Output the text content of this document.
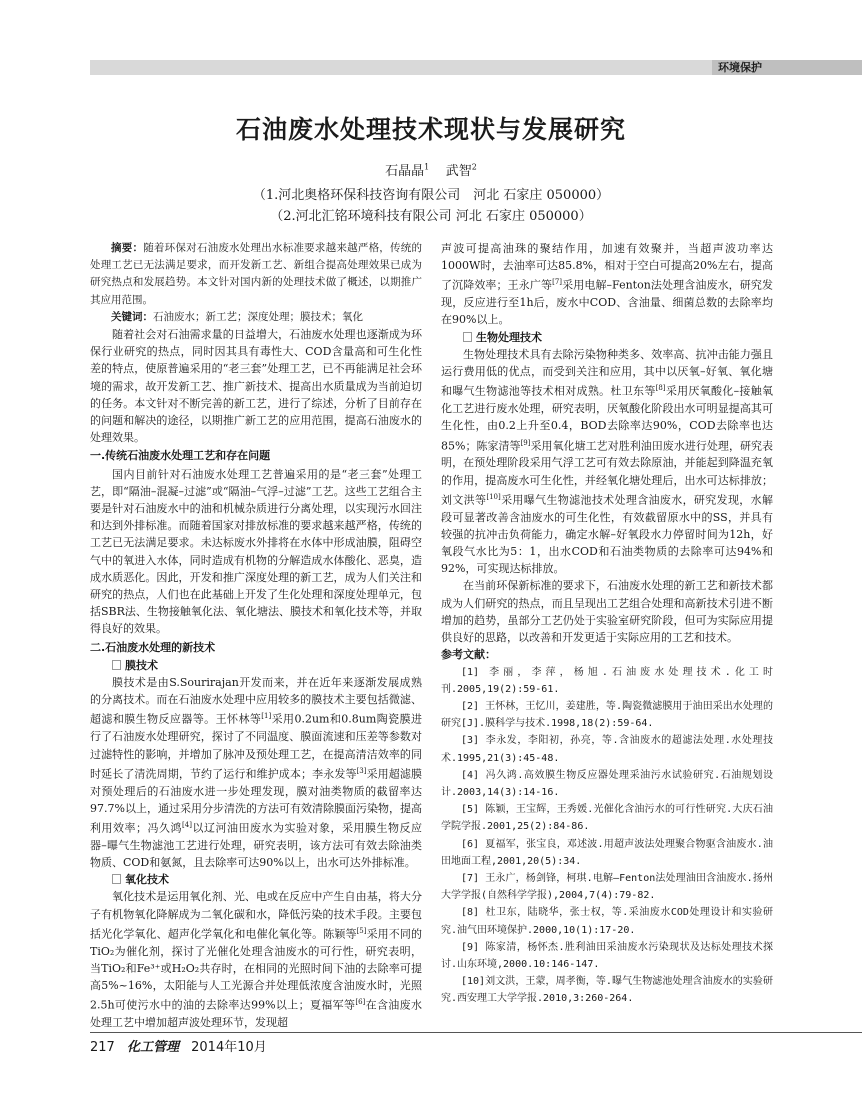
环境保护
石油废水处理技术现状与发展研究
石晶晶$^1$ 武智$^2$
（1.河北奥格环保科技咨询有限公司　河北 石家庄 050000）
（2.河北汇铭环境科技有限公司 河北 石家庄 050000）

摘要：随着环保对石油废水处理出水标准要求越来越严格，传统的处理工艺已无法满足要求，而开发新工艺、新组合提高处理效果已成为研究热点和发展趋势。本文针对国内新的处理技术做了概述，以期推广其应用范围。

关键词：石油废水；新工艺；深度处理；膜技术；氧化

随着社会对石油需求量的日益增大，石油废水处理也逐渐成为环保行业研究的热点，同时因其具有毒性大、COD含量高和可生化性差的特点，使原普遍采用的“老三套”处理工艺，已不再能满足社会环境的需求，故开发新工艺、推广新技术、提高出水质量成为当前迫切的任务。本文针对不断完善的新工艺，进行了综述，分析了目前存在的问题和解决的途径，以期推广新工艺的应用范围，提高石油废水的处理效果。

一.传统石油废水处理工艺和存在问题

国内目前针对石油废水处理工艺普遍采用的是“老三套”处理工艺，即“隔油–混凝–过滤”或“隔油–气浮–过滤”工艺。这些工艺组合主要是针对石油废水中的油和机械杂质进行分离处理，以实现污水回注和达到外排标准。而随着国家对排放标准的要求越来越严格，传统的工艺已无法满足要求。未达标废水外排将在水体中形成油膜，阻碍空气中的氧进入水体，同时造成有机物的分解造成水体酸化、恶臭，造成水质恶化。因此，开发和推广深度处理的新工艺，成为人们关注和研究的热点，人们也在此基础上开发了生化处理和深度处理单元，包括SBR法、生物接触氧化法、氧化塘法、膜技术和氧化技术等，并取得良好的效果。

二.石油废水处理的新技术
膜技术

膜技术是由S.Sourirajan开发而来，并在近年来逐渐发展成熟的分离技术。而在石油废水处理中应用较多的膜技术主要包括微滤、超滤和膜生物反应器等。王怀林等[1]采用0.2um和0.8um陶瓷膜进行了石油废水处理研究，探讨了不同温度、膜面流速和压差等参数对过滤特性的影响，并增加了脉冲及预处理工艺，在提高清洁效率的同时延长了清洗周期，节约了运行和维护成本；李永发等[3]采用超滤膜对预处理后的石油废水进一步处理发现，膜对油类物质的截留率达97.7%以上，通过采用分步清洗的方法可有效清除膜面污染物，提高利用效率；冯久鸿[4]以辽河油田废水为实验对象，采用膜生物反应器–曝气生物滤池工艺进行处理，研究表明，该方法可有效去除油类物质、COD和氨氮，且去除率可达90%以上，出水可达外排标准。

氧化技术

氧化技术是运用氧化剂、光、电或在反应中产生自由基，将大分子有机物氧化降解成为二氧化碳和水，降低污染的技术手段。主要包括光化学氧化、超声化学氧化和电催化氧化等。陈颖等[5]采用不同的TiO₂为催化剂，探讨了光催化处理含油废水的可行性，研究表明，当TiO₂和Fe³⁺或H₂O₂共存时，在相同的光照时间下油的去除率可提高5%~16%，太阳能与人工光源合并处理低浓度含油废水时，光照2.5h可使污水中的油的去除率达99%以上；夏福军等[6]在含油废水处理工艺中增加超声波处理环节，发现超

声波可提高油珠的聚结作用，加速有效聚并，当超声波功率达1000W时，去油率可达85.8%，相对于空白可提高20%左右，提高了沉降效率；王永广等[7]采用电解–Fenton法处理含油废水，研究发现，反应进行至1h后，废水中COD、含油量、细菌总数的去除率均在90%以上。

生物处理技术

生物处理技术具有去除污染物种类多、效率高、抗冲击能力强且运行费用低的优点，而受到关注和应用，其中以厌氧–好氧、氧化塘和曝气生物滤池等技术相对成熟。杜卫东等[8]采用厌氧酸化–接触氧化工艺进行废水处理，研究表明，厌氧酸化阶段出水可明显提高其可生化性，由0.2上升至0.4，BOD去除率达90%，COD去除率也达85%；陈家清等[9]采用氧化塘工艺对胜利油田废水进行处理，研究表明，在预处理阶段采用气浮工艺可有效去除原油，并能起到降温充氧的作用，提高废水可生化性，并经氧化塘处理后，出水可达标排放；刘文洪等[10]采用曝气生物滤池技术处理含油废水，研究发现，水解段可显著改善含油废水的可生化性，有效截留原水中的SS，并具有较强的抗冲击负荷能力，确定水解–好氧段水力停留时间为12h，好氧段气水比为5：1，出水COD和石油类物质的去除率可达94%和92%，可实现达标排放。

在当前环保新标准的要求下，石油废水处理的新工艺和新技术都成为人们研究的热点，而且呈现出工艺组合处理和高新技术引进不断增加的趋势，虽部分工艺仍处于实验室研究阶段，但可为实际应用提供良好的思路，以改善和开发更适于实际应用的工艺和技术。

参考文献：

[1] 李丽，李萍，杨旭.石油废水处理技术.化工时刊.2005,19(2):59-61.

[2] 王怀林，王忆川，姜建胜，等.陶瓷微滤膜用于油田采出水处理的研究[J].膜科学与技术.1998,18(2):59-64.

[3] 李永发，李阳初，孙亮，等.含油废水的超滤法处理.水处理技术.1995,21(3):45-48.

[4] 冯久鸿.高效膜生物反应器处理采油污水试验研究.石油规划设计.2003,14(3):14-16.

[5] 陈颖，王宝辉，王秀媛.光催化含油污水的可行性研究.大庆石油学院学报.2001,25(2):84-86.

[6] 夏福军，张宝良，邓述波.用超声波法处理聚合物驱含油废水.油田地面工程,2001,20(5):34.

[7] 王永广，杨剑锋，柯琪.电解–Fenton法处理油田含油废水.扬州大学学报(自然科学学报),2004,7(4):79-82.

[8] 杜卫东，陆晓华，张士权，等.采油废水COD处理设计和实验研究.油气田环境保护.2000,10(1):17-20.

[9] 陈家清，杨怀杰.胜利油田采油废水污染现状及达标处理技术探讨.山东环境,2000.10:146-147.

[10]刘文洪，王蒙，周孝衡，等.曝气生物滤池处理含油废水的实验研究.西安理工大学学报.2010,3:260-264.

217 化工管理 2014年10月
